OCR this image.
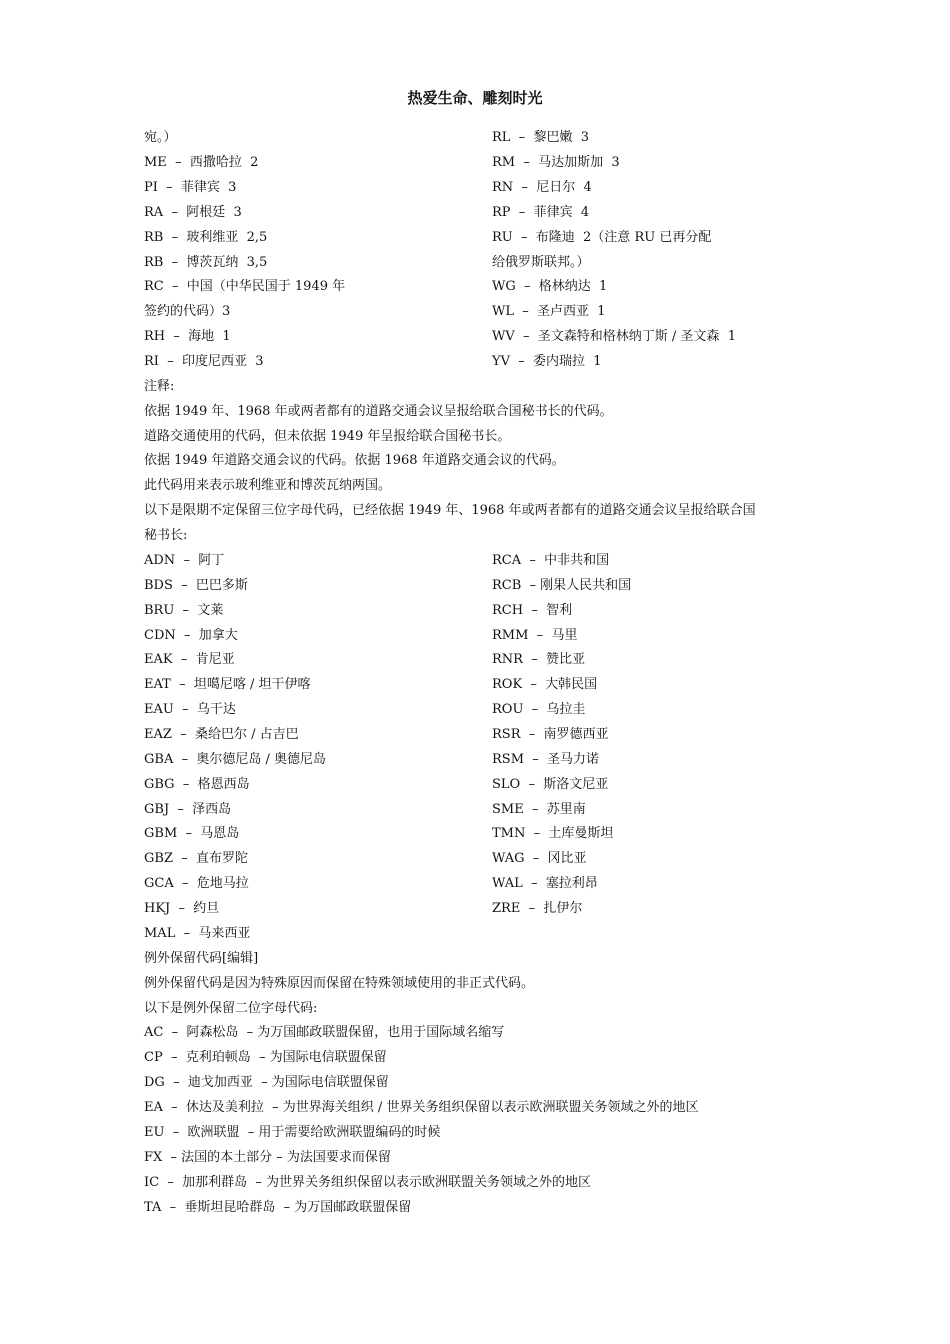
热爱生命、雕刻时光
宛。）
ME  –  西撒哈拉  2
PI  –  菲律宾  3
RA  –  阿根廷  3
RB  –  玻利维亚  2,5
RB  –  博茨瓦纳  3,5
RC  –  中国（中华民国于 1949 年
签约的代码）3
RH  –  海地  1
RI  –  印度尼西亚  3
RL  –  黎巴嫩  3
RM  –  马达加斯加  3
RN  –  尼日尔  4
RP  –  菲律宾  4
RU  –  布隆迪  2（注意 RU 已再分配
给俄罗斯联邦。）
WG  –  格林纳达  1
WL  –  圣卢西亚  1
WV  –  圣文森特和格林纳丁斯 / 圣文森  1
YV  –  委内瑞拉  1
注释:
依据 1949 年、1968 年或两者都有的道路交通会议呈报给联合国秘书长的代码。
道路交通使用的代码，但未依据 1949 年呈报给联合国秘书长。
依据 1949 年道路交通会议的代码。依据 1968 年道路交通会议的代码。
此代码用来表示玻利维亚和博茨瓦纳两国。
以下是限期不定保留三位字母代码，已经依据 1949 年、1968 年或两者都有的道路交通会议呈报给联合国
秘书长:
ADN  –  阿丁
BDS  –  巴巴多斯
BRU  –  文莱
CDN  –  加拿大
EAK  –  肯尼亚
EAT  –  坦噶尼喀 / 坦干伊喀
EAU  –  乌干达
EAZ  –  桑给巴尔 / 占吉巴
GBA  –  奥尔德尼岛 / 奥德尼岛
GBG  –  格恩西岛
GBJ  –  泽西岛
GBM  –  马恩岛
GBZ  –  直布罗陀
GCA  –  危地马拉
HKJ  –  约旦
MAL  –  马来西亚
RCA  –  中非共和国
RCB  – 刚果人民共和国
RCH  –  智利
RMM  –  马里
RNR  –  赞比亚
ROK  –  大韩民国
ROU  –  乌拉圭
RSR  –  南罗德西亚
RSM  –  圣马力诺
SLO  –  斯洛文尼亚
SME  –  苏里南
TMN  –  土库曼斯坦
WAG  –  冈比亚
WAL  –  塞拉利昂
ZRE  –  扎伊尔
例外保留代码[编辑]
例外保留代码是因为特殊原因而保留在特殊领域使用的非正式代码。
以下是例外保留二位字母代码:
AC  –  阿森松岛  – 为万国邮政联盟保留，也用于国际域名缩写
CP  –  克利珀顿岛  – 为国际电信联盟保留
DG  –  迪戈加西亚  – 为国际电信联盟保留
EA  –  休达及美利拉  – 为世界海关组织 / 世界关务组织保留以表示欧洲联盟关务领域之外的地区
EU  –  欧洲联盟  – 用于需要给欧洲联盟编码的时候
FX  – 法国的本土部分 – 为法国要求而保留
IC  –  加那利群岛  – 为世界关务组织保留以表示欧洲联盟关务领域之外的地区
TA  –  垂斯坦昆哈群岛  – 为万国邮政联盟保留
